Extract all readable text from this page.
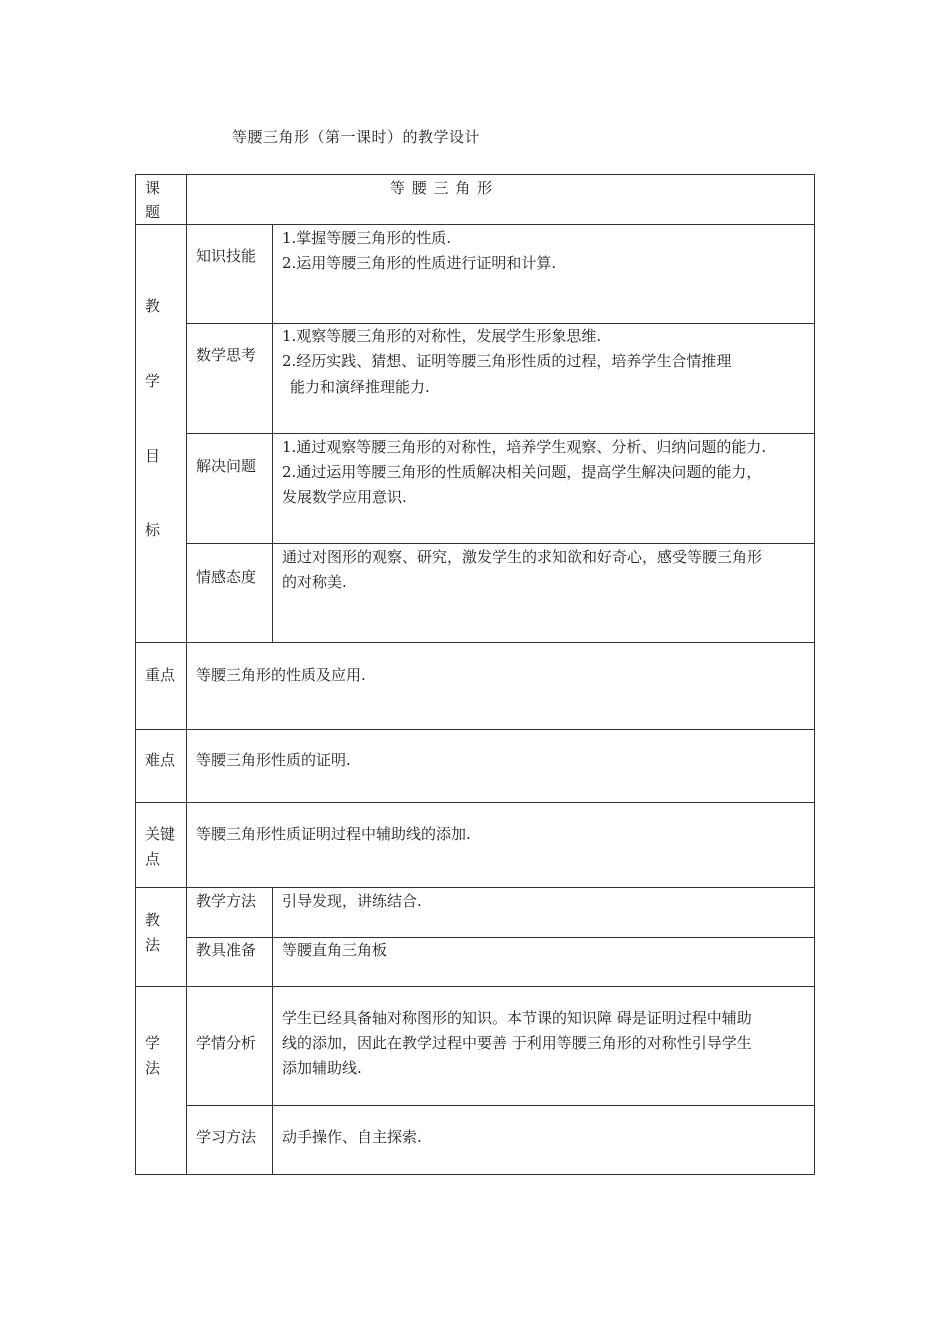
等腰三角形（第一课时）的教学设计
课
题
等 腰 三 角 形
教
学
目
标
知识技能
1.掌握等腰三角形的性质.
2.运用等腰三角形的性质进行证明和计算.
数学思考
1.观察等腰三角形的对称性，发展学生形象思维.
2.经历实践、猜想、证明等腰三角形性质的过程，培养学生合情推理
能力和演绎推理能力.
解决问题
1.通过观察等腰三角形的对称性，培养学生观察、分析、归纳问题的能力.
2.通过运用等腰三角形的性质解决相关问题，提高学生解决问题的能力，
发展数学应用意识.
情感态度
通过对图形的观察、研究，激发学生的求知欲和好奇心，感受等腰三角形
的对称美.
重点 等腰三角形的性质及应用.
难点 等腰三角形性质的证明.
关键
点
等腰三角形性质证明过程中辅助线的添加.
教
法
教学方法 引导发现，讲练结合.
教具准备 等腰直角三角板
学
法
学情分析
学生已经具备轴对称图形的知识。本节课的知识障 碍是证明过程中辅助
线的添加，因此在教学过程中要善 于利用等腰三角形的对称性引导学生
添加辅助线.
学习方法 动手操作、自主探索.
